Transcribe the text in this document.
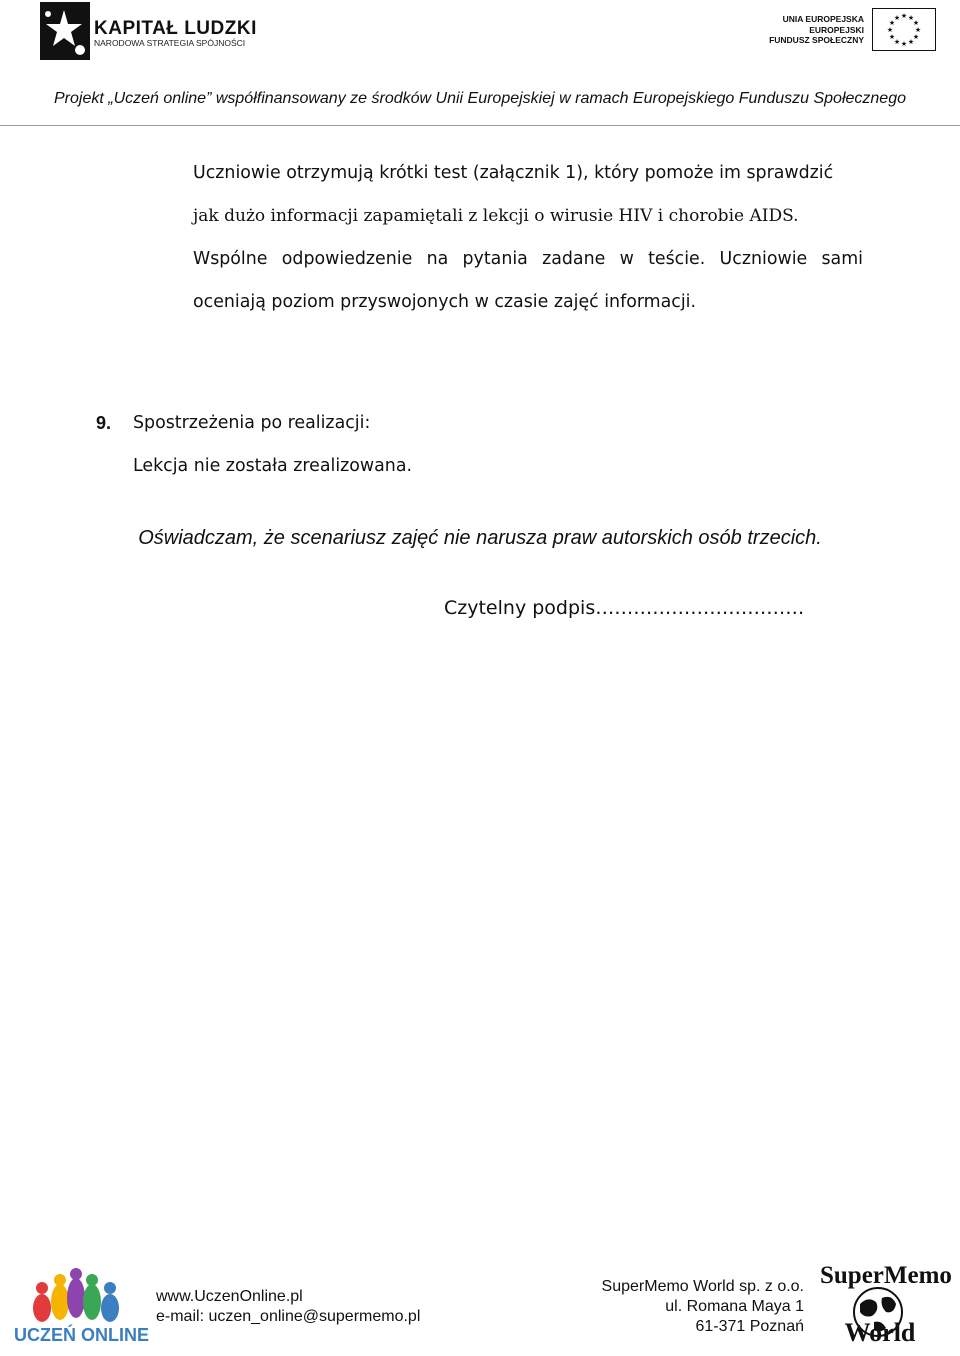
KAPITAŁ LUDZKI
NARODOWA STRATEGIA SPÓJNOŚCI
UNIA EUROPEJSKA
EUROPEJSKI
FUNDUSZ SPOŁECZNY
★ ★
★
★
★
★
★
★
★
★
★
★
Projekt „Uczeń online” współfinansowany ze środków Unii Europejskiej w ramach Europejskiego Funduszu Społecznego
Uczniowie otrzymują krótki test (załącznik 1), który pomoże im sprawdzić
jak dużo informacji zapamiętali z lekcji o wirusie HIV i chorobie AIDS.
Wspólne odpowiedzenie na pytania zadane w teście. Uczniowie sami
oceniają poziom przyswojonych w czasie zajęć informacji.
9. Spostrzeżenia po realizacji:
Lekcja nie została zrealizowana.
Oświadczam, że scenariusz zajęć nie narusza praw autorskich osób trzecich.
Czytelny podpis……………………………
UCZEŃ ONLINE
www.UczenOnline.pl
e-mail: uczen_online@supermemo.pl
SuperMemo World sp. z o.o.
ul. Romana Maya 1
61-371 Poznań
SuperMemo
World
